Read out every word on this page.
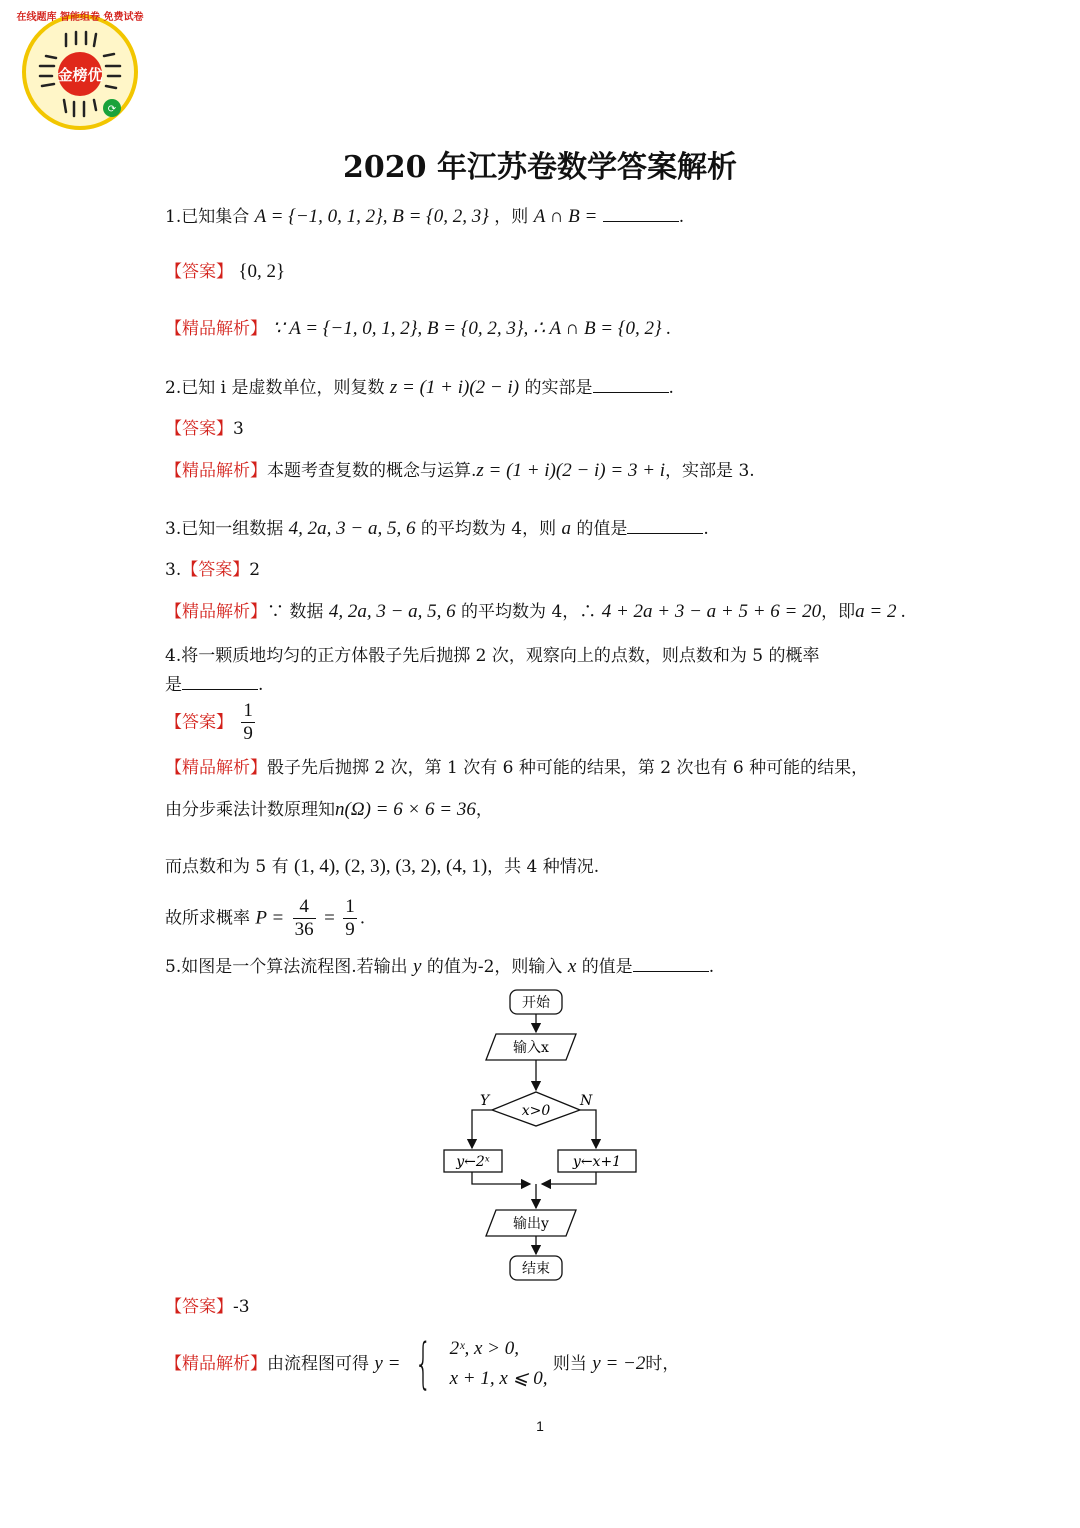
金榜优
⟳
在线题库 智能组卷 免费试卷
2020 年江苏卷数学答案解析
1.已知集合 A = {−1, 0, 1, 2}, B = {0, 2, 3} ，则 A ∩ B =	.
【答案】 {0, 2}
【精品解析】 ∵ A = {−1, 0, 1, 2}, B = {0, 2, 3}, ∴ A ∩ B = {0, 2} .
2.已知 i 是虚数单位，则复数 z = (1 + i)(2 − i) 的实部是	.
【答案】3
【精品解析】本题考查复数的概念与运算.z = (1 + i)(2 − i) = 3 + i，实部是 3.
3.已知一组数据 4, 2a, 3 − a, 5, 6 的平均数为 4，则 a 的值是	.
3.【答案】2
【精品解析】∵ 数据 4, 2a, 3 − a, 5, 6 的平均数为 4，∴ 4 + 2a + 3 − a + 5 + 6 = 20，即a = 2 .
4.将一颗质地均匀的正方体骰子先后抛掷 2 次，观察向上的点数，则点数和为 5 的概率
是	.
【答案】 $\frac{1}{9}$
【精品解析】骰子先后抛掷 2 次，第 1 次有 6 种可能的结果，第 2 次也有 6 种可能的结果，
由分步乘法计数原理知n(Ω) = 6 × 6 = 36，
而点数和为 5 有 (1, 4), (2, 3), (3, 2), (4, 1)，共 4 种情况.
故所求概率 $P = \frac{4}{36} = \frac{1}{9}$ .
5.如图是一个算法流程图.若输出 y 的值为-2，则输入 x 的值是	.
开始
输入x
x>0
Y	N
y←2ˣ	y←x+1
输出y
结束
【答案】-3
【精品解析】由流程图可得 y = { 2ˣ, x > 0,
x + 1, x ⩽ 0,
则当 y = −2时，
1
